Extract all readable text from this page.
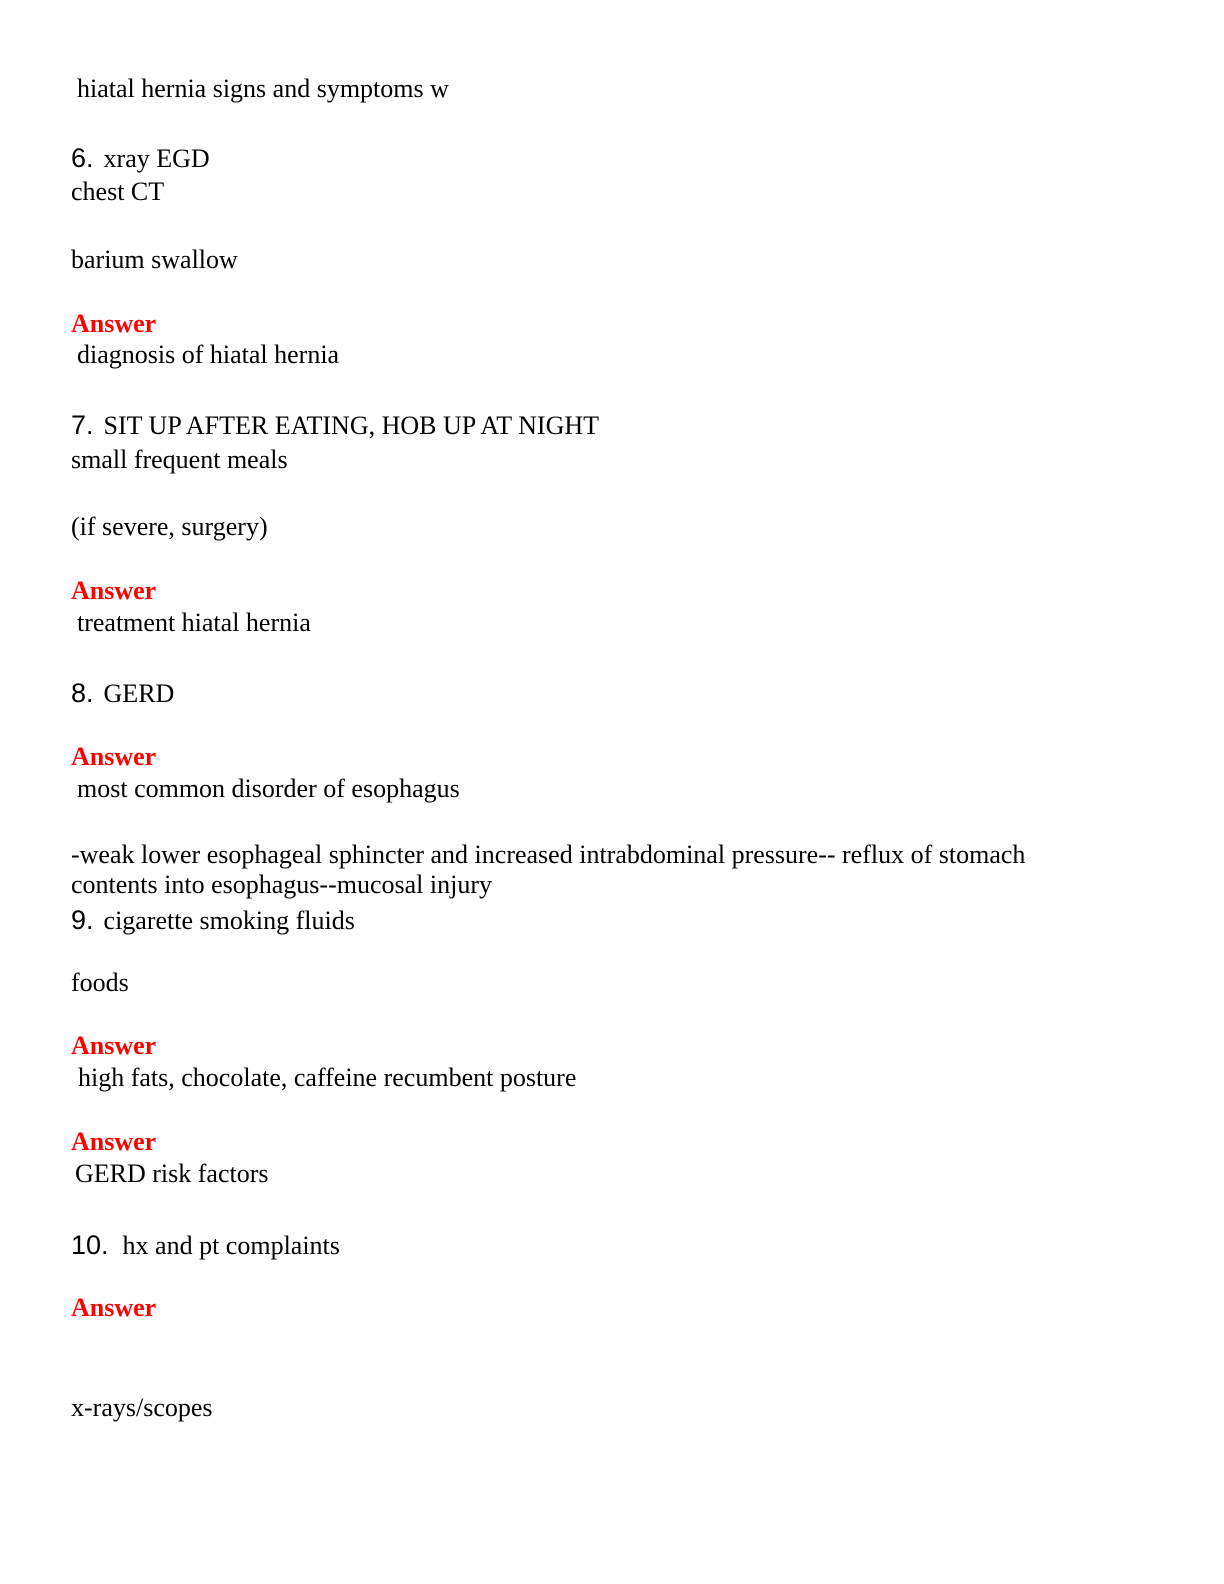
hiatal hernia signs and symptoms w
6. xray EGD
chest CT
barium swallow
Answer
diagnosis of hiatal hernia
7. SIT UP AFTER EATING, HOB UP AT NIGHT
small frequent meals
(if severe, surgery)
Answer
treatment hiatal hernia
8. GERD
Answer
most common disorder of esophagus
-weak lower esophageal sphincter and increased intrabdominal pressure-- reflux of stomach
contents into esophagus--mucosal injury
9. cigarette smoking fluids
foods
Answer
high fats, chocolate, caffeine recumbent posture
Answer
GERD risk factors
10. hx and pt complaints
Answer
x-rays/scopes
